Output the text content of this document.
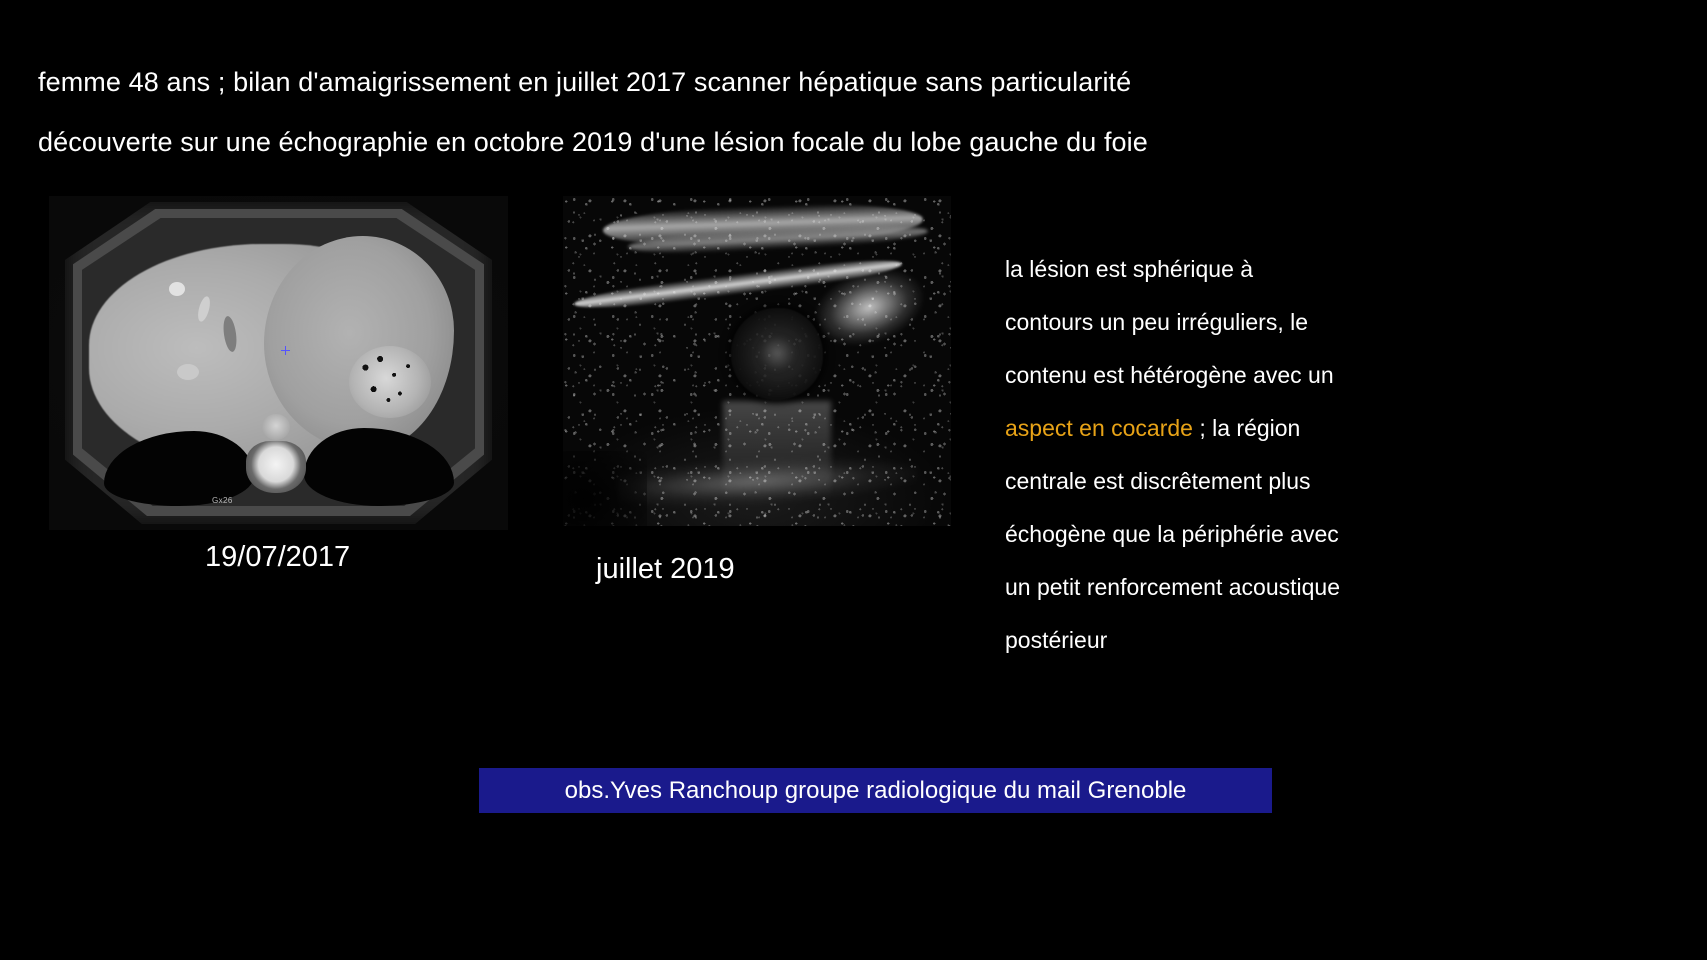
femme 48 ans ; bilan d'amaigrissement en juillet 2017 scanner hépatique sans particularité
découverte sur une échographie en octobre 2019 d'une lésion focale du lobe gauche du foie
Gx26
19/07/2017	juillet 2019
la lésion est sphérique à
contours un peu irréguliers, le
contenu est hétérogène avec un
aspect en cocarde ; la région
centrale est discrêtement plus
échogène que la périphérie avec
un petit renforcement acoustique
postérieur
obs.Yves Ranchoup groupe radiologique du mail Grenoble
